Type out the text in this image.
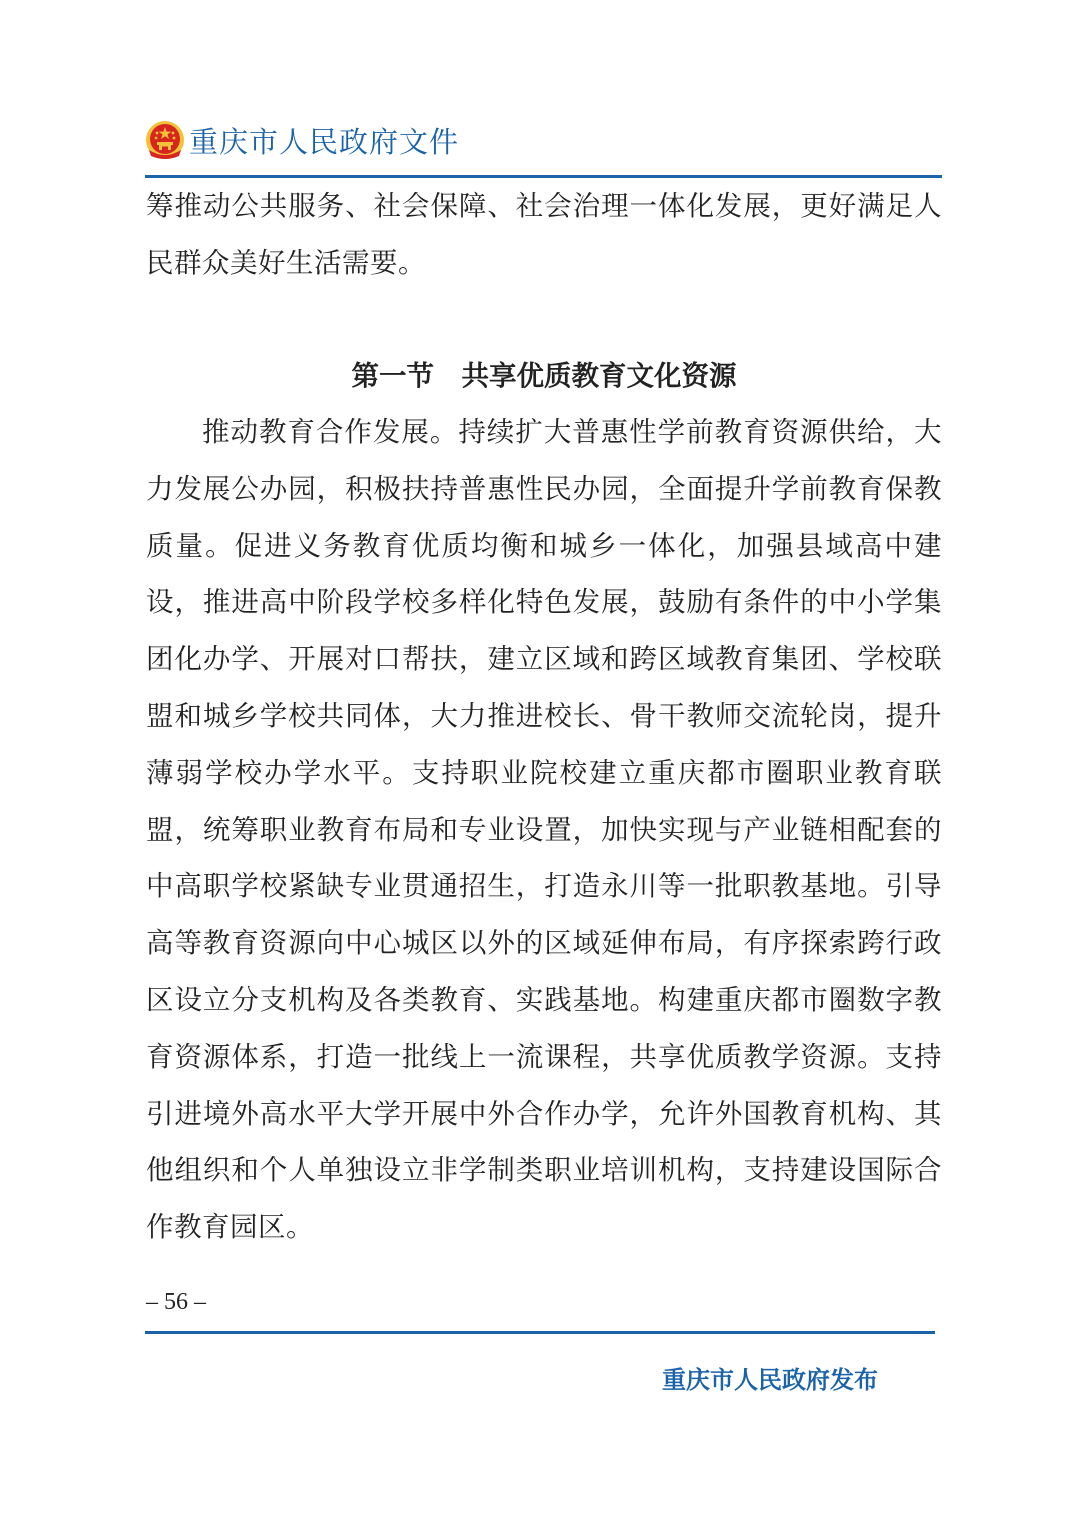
重庆市人民政府文件
筹推动公共服务、社会保障、社会治理一体化发展，更好满足人民群众美好生活需要。
第一节　共享优质教育文化资源
推动教育合作发展。持续扩大普惠性学前教育资源供给，大力发展公办园，积极扶持普惠性民办园，全面提升学前教育保教质量。促进义务教育优质均衡和城乡一体化，加强县域高中建设，推进高中阶段学校多样化特色发展，鼓励有条件的中小学集团化办学、开展对口帮扶，建立区域和跨区域教育集团、学校联盟和城乡学校共同体，大力推进校长、骨干教师交流轮岗，提升薄弱学校办学水平。支持职业院校建立重庆都市圈职业教育联盟，统筹职业教育布局和专业设置，加快实现与产业链相配套的中高职学校紧缺专业贯通招生，打造永川等一批职教基地。引导高等教育资源向中心城区以外的区域延伸布局，有序探索跨行政区设立分支机构及各类教育、实践基地。构建重庆都市圈数字教育资源体系，打造一批线上一流课程，共享优质教学资源。支持引进境外高水平大学开展中外合作办学，允许外国教育机构、其他组织和个人单独设立非学制类职业培训机构，支持建设国际合作教育园区。
– 56 –
重庆市人民政府发布
